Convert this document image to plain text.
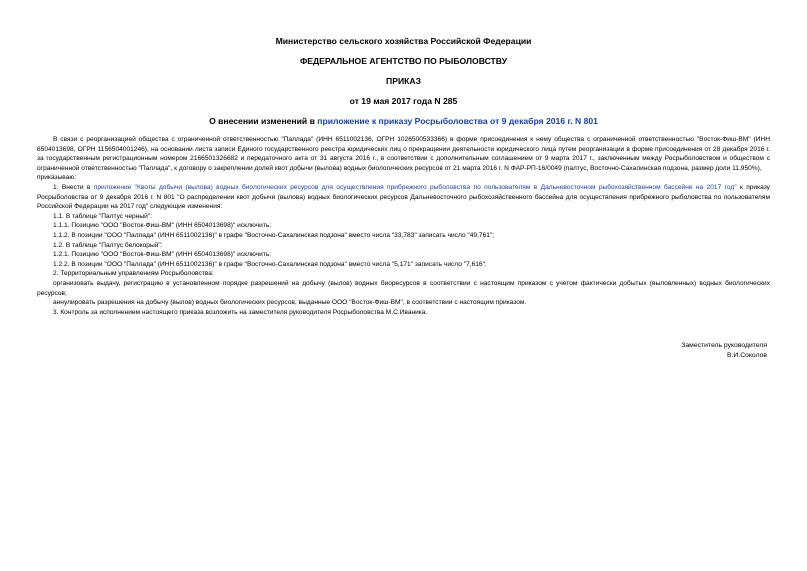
Министерство сельского хозяйства Российской Федерации
ФЕДЕРАЛЬНОЕ АГЕНТСТВО ПО РЫБОЛОВСТВУ
ПРИКАЗ
от 19 мая 2017 года N 285
О внесении изменений в приложение к приказу Росрыболовства от 9 декабря 2016 г. N 801

В связи с реорганизацией общества с ограниченной ответственностью "Паллада" (ИНН 6511002136, ОГРН 1026500533366) в форме присоединения к нему общества с ограниченной ответственностью "Восток-Фиш-ВМ" (ИНН 6504013698, ОГРН 1156504001246), на основании листа записи Единого государственного реестра юридических лиц о прекращении деятельности юридического лица путем реорганизации в форме присоединения от 28 декабря 2016 г. за государственным регистрационным номером 2166501326682 и передаточного акта от 31 августа 2016 г., в соответствии с дополнительным соглашением от 9 марта 2017 г., заключенным между Росрыболовством и обществом с ограниченной ответственностью "Паллада", к договору о закреплении долей квот добычи (вылова) водных биологических ресурсов от 21 марта 2016 г. N ФАР-РП-16/0049 (палтус, Восточно-Сахалинская подзона, размер доли 11,950%),

приказываю:

1. Внести в приложение "Квоты добычи (вылова) водных биологических ресурсов для осуществления прибрежного рыболовства по пользователям в Дальневосточном рыбохозяйственном бассейне на 2017 год" к приказу Росрыболовства от 9 декабря 2016 г. N 801 "О распределении квот добычи (вылова) водных биологических ресурсов Дальневосточного рыбохозяйственного бассейна для осуществления прибрежного рыболовства по пользователям Российской Федерации на 2017 год" следующие изменения:

1.1. В таблице "Палтус черный":

1.1.1. Позицию "ООО "Восток-Фиш-ВМ" (ИНН 6504013698)" исключить;

1.1.2. В позиции "ООО "Паллада" (ИНН 6511002136)" в графе "Восточно-Сахалинская подзона" вместо числа "33,783" записать число "49,761";

1.2. В таблице "Палтус белокорый":

1.2.1. Позицию "ООО "Восток-Фиш-ВМ" (ИНН 6504013698)" исключить;

1.2.2. В позиции "ООО "Паллада" (ИНН 6511002136)" в графе "Восточно-Сахалинская подзона" вместо числа "5,171" записать число "7,616".

2. Территориальным управлениям Росрыболовства:

организовать выдачу, регистрацию в установленном порядке разрешений на добычу (вылов) водных биоресурсов в соответствии с настоящим приказом с учетом фактически добытых (выловленных) водных биологических ресурсов;

аннулировать разрешения на добычу (вылов) водных биологических ресурсов, выданные ООО "Восток-Фиш-ВМ", в соответствии с настоящим приказом.

3. Контроль за исполнением настоящего приказа возложить на заместителя руководителя Росрыболовства М.С.Иваника.

Заместитель руководителя
В.И.Соколов
